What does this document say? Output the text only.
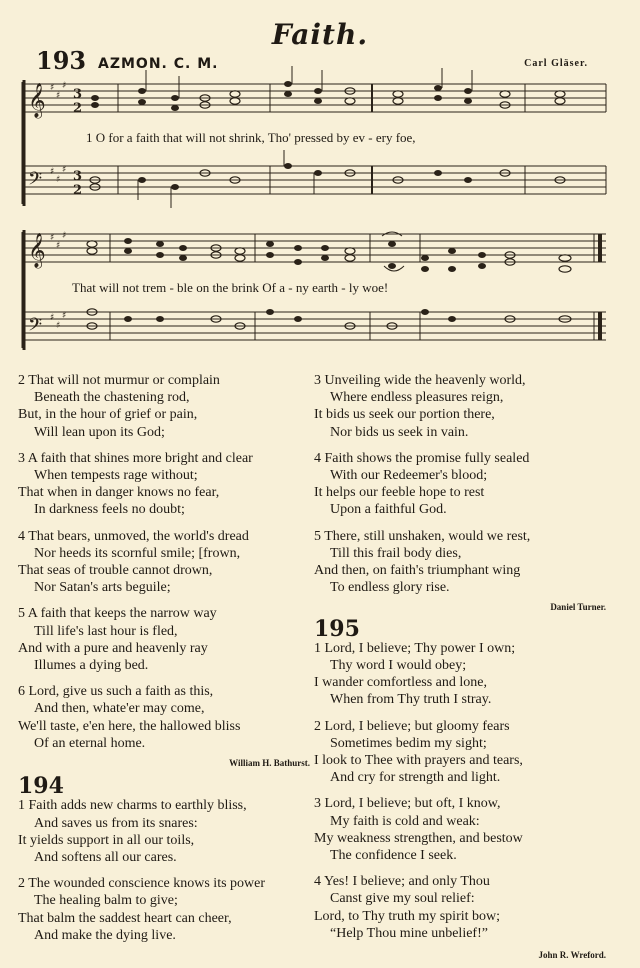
Faith.
193 AZMON. C. M.	Carl Gläser.
𝄞
𝄢
♯
♯
♯
♯
♯
♯
3
2
3
2
1 O for a faith that will not shrink, Tho' pressed by ev - ery foe,
𝄞
𝄢
♯
♯
♯
♯
♯
♯
That will not trem - ble on the brink Of a - ny earth - ly woe!
2 That will not murmur or complain
Beneath the chastening rod,
But, in the hour of grief or pain,
Will lean upon its God;
3 A faith that shines more bright and clear
When tempests rage without;
That when in danger knows no fear,
In darkness feels no doubt;
4 That bears, unmoved, the world's dread
Nor heeds its scornful smile; [frown,
That seas of trouble cannot drown,
Nor Satan's arts beguile;
5 A faith that keeps the narrow way
Till life's last hour is fled,
And with a pure and heavenly ray
Illumes a dying bed.
6 Lord, give us such a faith as this,
And then, whate'er may come,
We'll taste, e'en here, the hallowed bliss
Of an eternal home.
William H. Bathurst.
194
1 Faith adds new charms to earthly bliss,
And saves us from its snares:
It yields support in all our toils,
And softens all our cares.
2 The wounded conscience knows its power
The healing balm to give;
That balm the saddest heart can cheer,
And make the dying live.
3 Unveiling wide the heavenly world,
Where endless pleasures reign,
It bids us seek our portion there,
Nor bids us seek in vain.
4 Faith shows the promise fully sealed
With our Redeemer's blood;
It helps our feeble hope to rest
Upon a faithful God.
5 There, still unshaken, would we rest,
Till this frail body dies,
And then, on faith's triumphant wing
To endless glory rise.
Daniel Turner.
195
1 Lord, I believe; Thy power I own;
Thy word I would obey;
I wander comfortless and lone,
When from Thy truth I stray.
2 Lord, I believe; but gloomy fears
Sometimes bedim my sight;
I look to Thee with prayers and tears,
And cry for strength and light.
3 Lord, I believe; but oft, I know,
My faith is cold and weak:
My weakness strengthen, and bestow
The confidence I seek.
4 Yes! I believe; and only Thou
Canst give my soul relief:
Lord, to Thy truth my spirit bow;
“Help Thou mine unbelief!”
John R. Wreford.
